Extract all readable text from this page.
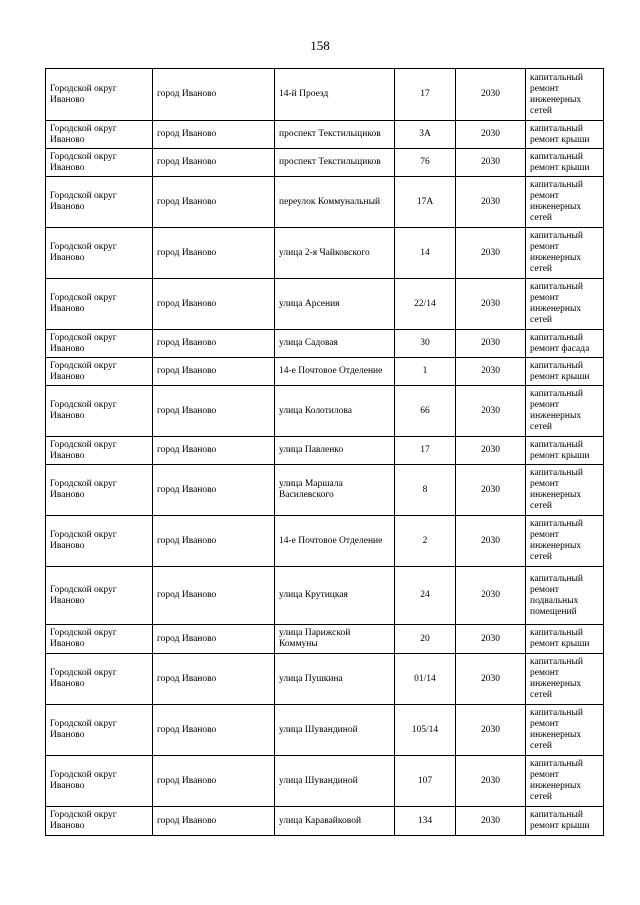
158
Городской округ Иваново	город Иваново	14-й Проезд	17	2030	капитальный ремонт инженерных сетей
Городской округ Иваново	город Иваново	проспект Текстильщиков	3А	2030	капитальный ремонт крыши
Городской округ Иваново	город Иваново	проспект Текстильщиков	76	2030	капитальный ремонт крыши
Городской округ Иваново	город Иваново	переулок Коммунальный	17А	2030	капитальный ремонт инженерных сетей
Городской округ Иваново	город Иваново	улица 2-я Чайковского	14	2030	капитальный ремонт инженерных сетей
Городской округ Иваново	город Иваново	улица Арсения	22/14	2030	капитальный ремонт инженерных сетей
Городской округ Иваново	город Иваново	улица Садовая	30	2030	капитальный ремонт фасада
Городской округ Иваново	город Иваново	14-е Почтовое Отделение	1	2030	капитальный ремонт крыши
Городской округ Иваново	город Иваново	улица Колотилова	66	2030	капитальный ремонт инженерных сетей
Городской округ Иваново	город Иваново	улица Павленко	17	2030	капитальный ремонт крыши
Городской округ Иваново	город Иваново	улица Маршала Василевского	8	2030	капитальный ремонт инженерных сетей
Городской округ Иваново	город Иваново	14-е Почтовое Отделение	2	2030	капитальный ремонт инженерных сетей
Городской округ Иваново	город Иваново	улица Крутицкая	24	2030	капитальный ремонт подвальных помещений
Городской округ Иваново	город Иваново	улица Парижской Коммуны	20	2030	капитальный ремонт крыши
Городской округ Иваново	город Иваново	улица Пушкина	01/14	2030	капитальный ремонт инженерных сетей
Городской округ Иваново	город Иваново	улица Шувандиной	105/14	2030	капитальный ремонт инженерных сетей
Городской округ Иваново	город Иваново	улица Шувандиной	107	2030	капитальный ремонт инженерных сетей
Городской округ Иваново	город Иваново	улица Каравайковой	134	2030	капитальный ремонт крыши
